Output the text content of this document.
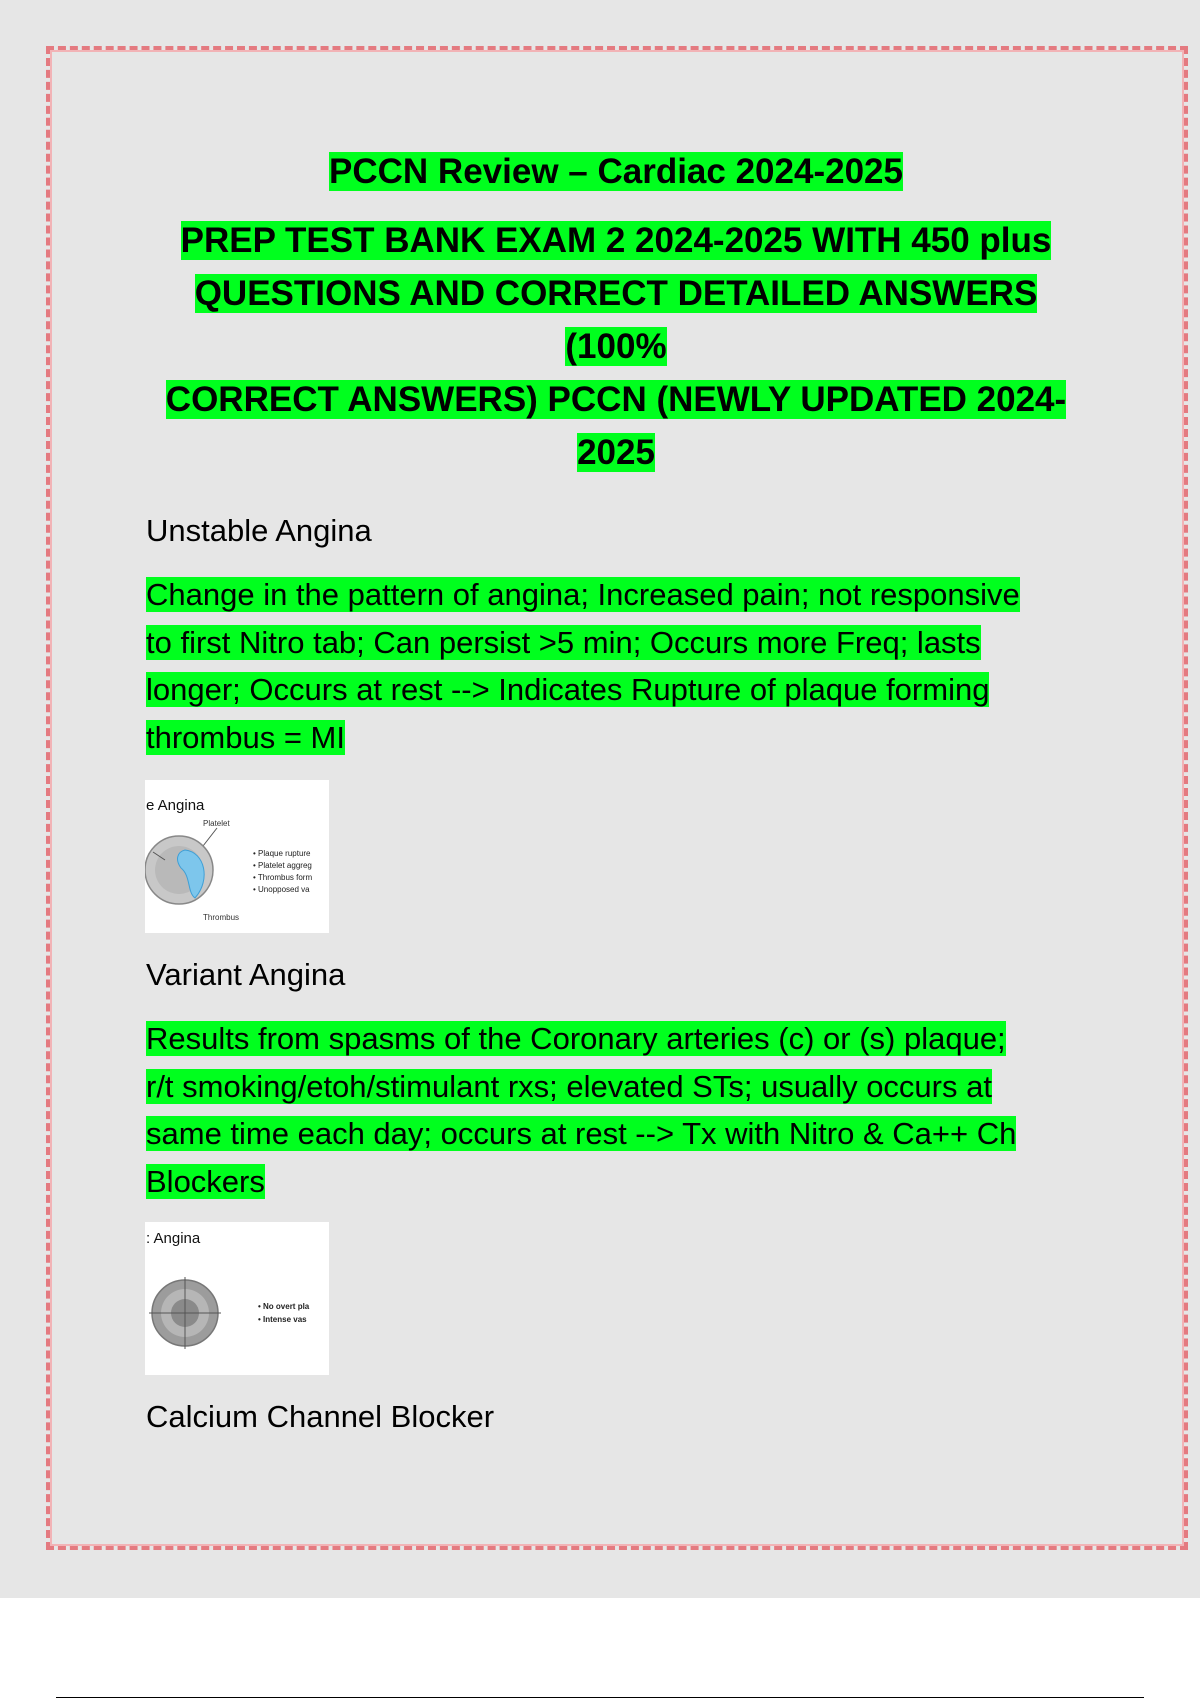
PCCN Review – Cardiac 2024-2025
PREP TEST BANK EXAM 2 2024-2025 WITH 450 plus
QUESTIONS AND CORRECT DETAILED ANSWERS (100%
CORRECT ANSWERS) PCCN (NEWLY UPDATED 2024-
2025
Unstable Angina
Change in the pattern of angina; Increased pain; not responsive
to first Nitro tab; Can persist >5 min; Occurs more Freq; lasts
longer; Occurs at rest --> Indicates Rupture of plaque forming
thrombus = MI
e Angina
Platelet
Thrombus
• Plaque rupture
• Platelet aggreg
• Thrombus form
• Unopposed va
Variant Angina
Results from spasms of the Coronary arteries (c) or (s) plaque;
r/t smoking/etoh/stimulant rxs; elevated STs; usually occurs at
same time each day; occurs at rest --> Tx with Nitro & Ca++ Ch
Blockers
: Angina
• No overt pla
• Intense vas
Calcium Channel Blocker
